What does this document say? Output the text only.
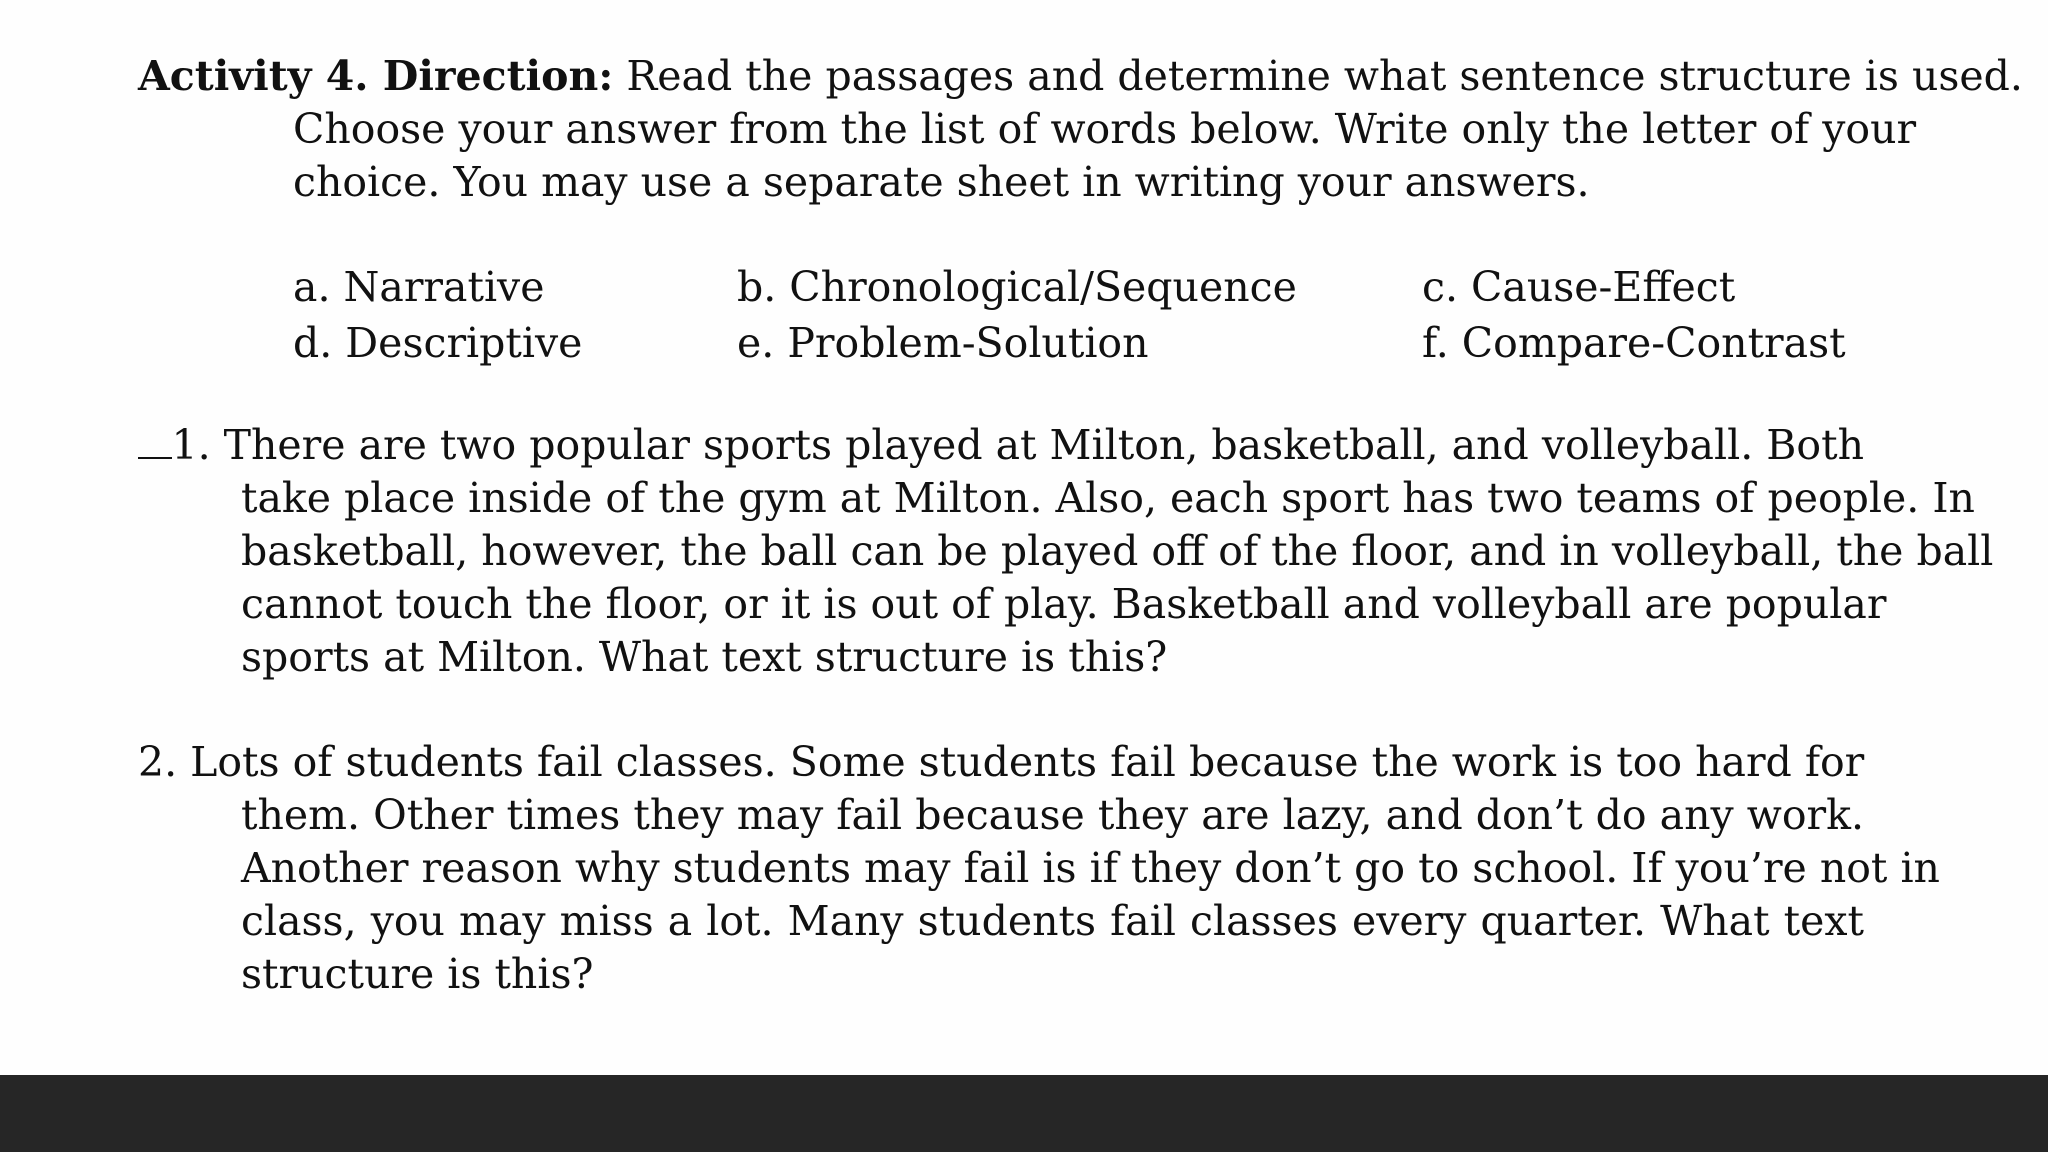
Activity 4. Direction: Read the passages and determine what sentence structure is used.
Choose your answer from the list of words below. Write only the letter of your
choice. You may use a separate sheet in writing your answers.
a. Narrative	b. Chronological/Sequence	c. Cause-Effect
d. Descriptive	e. Problem-Solution	f. Compare-Contrast
1. There are two popular sports played at Milton, basketball, and volleyball. Both
take place inside of the gym at Milton. Also, each sport has two teams of people. In
basketball, however, the ball can be played off of the floor, and in volleyball, the ball
cannot touch the floor, or it is out of play. Basketball and volleyball are popular
sports at Milton. What text structure is this?
2. Lots of students fail classes. Some students fail because the work is too hard for
them. Other times they may fail because they are lazy, and don’t do any work.
Another reason why students may fail is if they don’t go to school. If you’re not in
class, you may miss a lot. Many students fail classes every quarter. What text
structure is this?
